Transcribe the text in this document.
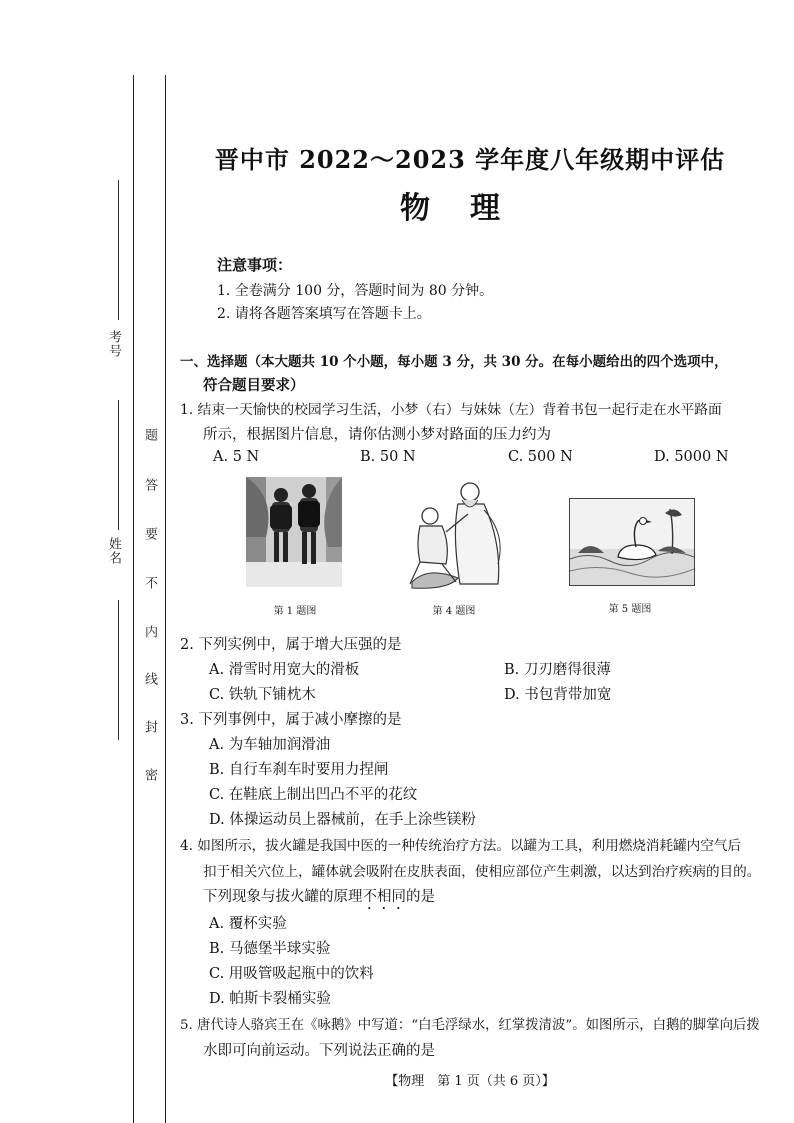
考号
姓名
题
答
要
不
内
线
封
密
晋中市 2022～2023 学年度八年级期中评估
物理
注意事项：
1. 全卷满分 100 分，答题时间为 80 分钟。
2. 请将各题答案填写在答题卡上。
一、选择题（本大题共 10 个小题，每小题 3 分，共 30 分。在每小题给出的四个选项中，
符合题目要求）
1. 结束一天愉快的校园学习生活，小梦（右）与妹妹（左）背着书包一起行走在水平路面
所示，根据图片信息，请你估测小梦对路面的压力约为
A. 5 N	B. 50 N	C. 500 N	D. 5000 N
第 1 题图	第 4 题图	第 5 题图
2. 下列实例中，属于增大压强的是
A. 滑雪时用宽大的滑板	B. 刀刃磨得很薄
C. 铁轨下铺枕木	D. 书包背带加宽
3. 下列事例中，属于减小摩擦的是
A. 为车轴加润滑油
B. 自行车刹车时要用力捏闸
C. 在鞋底上制出凹凸不平的花纹
D. 体操运动员上器械前，在手上涂些镁粉
4. 如图所示，拔火罐是我国中医的一种传统治疗方法。以罐为工具，利用燃烧消耗罐内空气后
扣于相关穴位上，罐体就会吸附在皮肤表面，使相应部位产生刺激，以达到治疗疾病的目的。
下列现象与拔火罐的原理不相同的是
A. 覆杯实验
B. 马德堡半球实验
C. 用吸管吸起瓶中的饮料
D. 帕斯卡裂桶实验
5. 唐代诗人骆宾王在《咏鹅》中写道：“白毛浮绿水，红掌拨清波”。如图所示，白鹅的脚掌向后拨
水即可向前运动。下列说法正确的是
【物理　第 1 页（共 6 页）】
